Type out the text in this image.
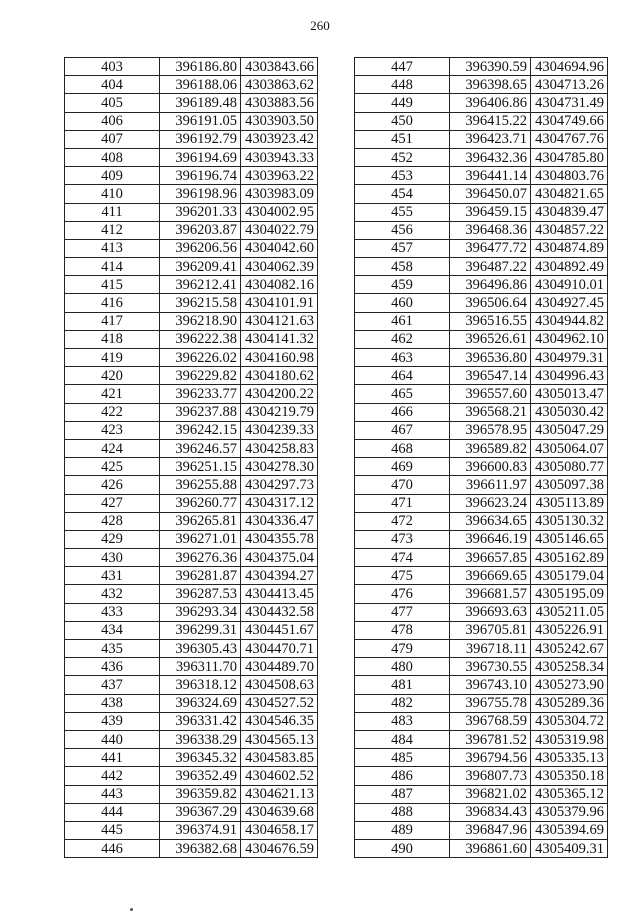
260
403	396186.80	4303843.66
404	396188.06	4303863.62
405	396189.48	4303883.56
406	396191.05	4303903.50
407	396192.79	4303923.42
408	396194.69	4303943.33
409	396196.74	4303963.22
410	396198.96	4303983.09
411	396201.33	4304002.95
412	396203.87	4304022.79
413	396206.56	4304042.60
414	396209.41	4304062.39
415	396212.41	4304082.16
416	396215.58	4304101.91
417	396218.90	4304121.63
418	396222.38	4304141.32
419	396226.02	4304160.98
420	396229.82	4304180.62
421	396233.77	4304200.22
422	396237.88	4304219.79
423	396242.15	4304239.33
424	396246.57	4304258.83
425	396251.15	4304278.30
426	396255.88	4304297.73
427	396260.77	4304317.12
428	396265.81	4304336.47
429	396271.01	4304355.78
430	396276.36	4304375.04
431	396281.87	4304394.27
432	396287.53	4304413.45
433	396293.34	4304432.58
434	396299.31	4304451.67
435	396305.43	4304470.71
436	396311.70	4304489.70
437	396318.12	4304508.63
438	396324.69	4304527.52
439	396331.42	4304546.35
440	396338.29	4304565.13
441	396345.32	4304583.85
442	396352.49	4304602.52
443	396359.82	4304621.13
444	396367.29	4304639.68
445	396374.91	4304658.17
446	396382.68	4304676.59
447	396390.59	4304694.96
448	396398.65	4304713.26
449	396406.86	4304731.49
450	396415.22	4304749.66
451	396423.71	4304767.76
452	396432.36	4304785.80
453	396441.14	4304803.76
454	396450.07	4304821.65
455	396459.15	4304839.47
456	396468.36	4304857.22
457	396477.72	4304874.89
458	396487.22	4304892.49
459	396496.86	4304910.01
460	396506.64	4304927.45
461	396516.55	4304944.82
462	396526.61	4304962.10
463	396536.80	4304979.31
464	396547.14	4304996.43
465	396557.60	4305013.47
466	396568.21	4305030.42
467	396578.95	4305047.29
468	396589.82	4305064.07
469	396600.83	4305080.77
470	396611.97	4305097.38
471	396623.24	4305113.89
472	396634.65	4305130.32
473	396646.19	4305146.65
474	396657.85	4305162.89
475	396669.65	4305179.04
476	396681.57	4305195.09
477	396693.63	4305211.05
478	396705.81	4305226.91
479	396718.11	4305242.67
480	396730.55	4305258.34
481	396743.10	4305273.90
482	396755.78	4305289.36
483	396768.59	4305304.72
484	396781.52	4305319.98
485	396794.56	4305335.13
486	396807.73	4305350.18
487	396821.02	4305365.12
488	396834.43	4305379.96
489	396847.96	4305394.69
490	396861.60	4305409.31
